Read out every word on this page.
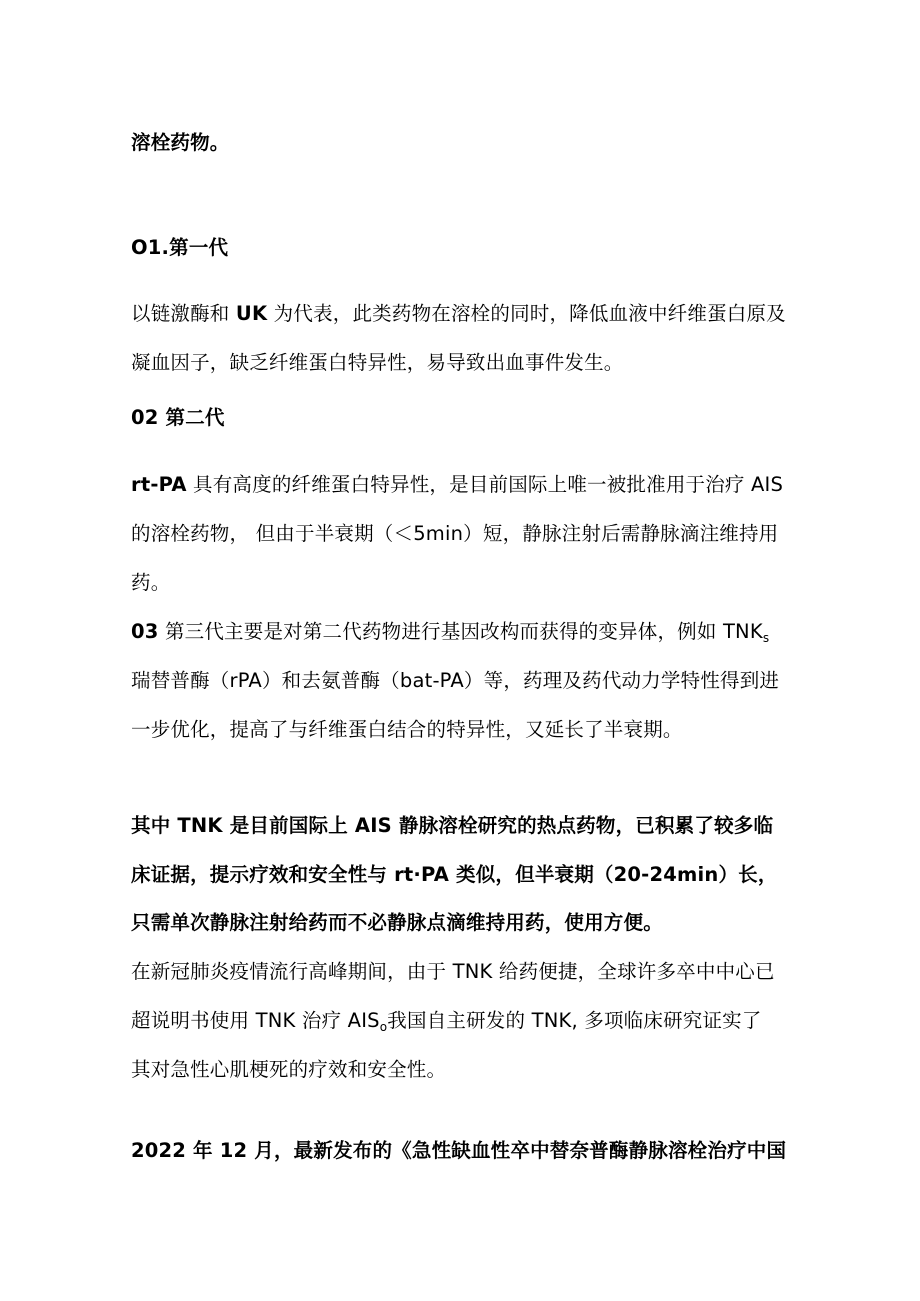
溶栓药物。
O1.第一代
以链激酶和 UK 为代表，此类药物在溶栓的同时，降低血液中纤维蛋白原及
凝血因子，缺乏纤维蛋白特异性，易导致出血事件发生。
02 第二代
rt-PA 具有高度的纤维蛋白特异性，是目前国际上唯一被批准用于治疗 AIS
的溶栓药物， 但由于半衰期（＜5min）短，静脉注射后需静脉滴注维持用
药。
03 第三代主要是对第二代药物进行基因改构而获得的变异体，例如 $TNK_s$
瑞替普酶（rPA）和去氨普酶（bat-PA）等，药理及药代动力学特性得到进
一步优化，提高了与纤维蛋白结合的特异性，又延长了半衰期。
其中 TNK 是目前国际上 AIS 静脉溶栓研究的热点药物，已积累了较多临
床证据，提示疗效和安全性与 rt·PA 类似，但半衰期（20-24min）长，
只需单次静脉注射给药而不必静脉点滴维持用药，使用方便。
在新冠肺炎疫情流行高峰期间，由于 TNK 给药便捷，全球许多卒中中心已
超说明书使用 TNK 治疗 $AIS_o$我国自主研发的 TNK, 多项临床研究证实了
其对急性心肌梗死的疗效和安全性。
2022 年 12 月，最新发布的《急性缺血性卒中替奈普酶静脉溶栓治疗中国
